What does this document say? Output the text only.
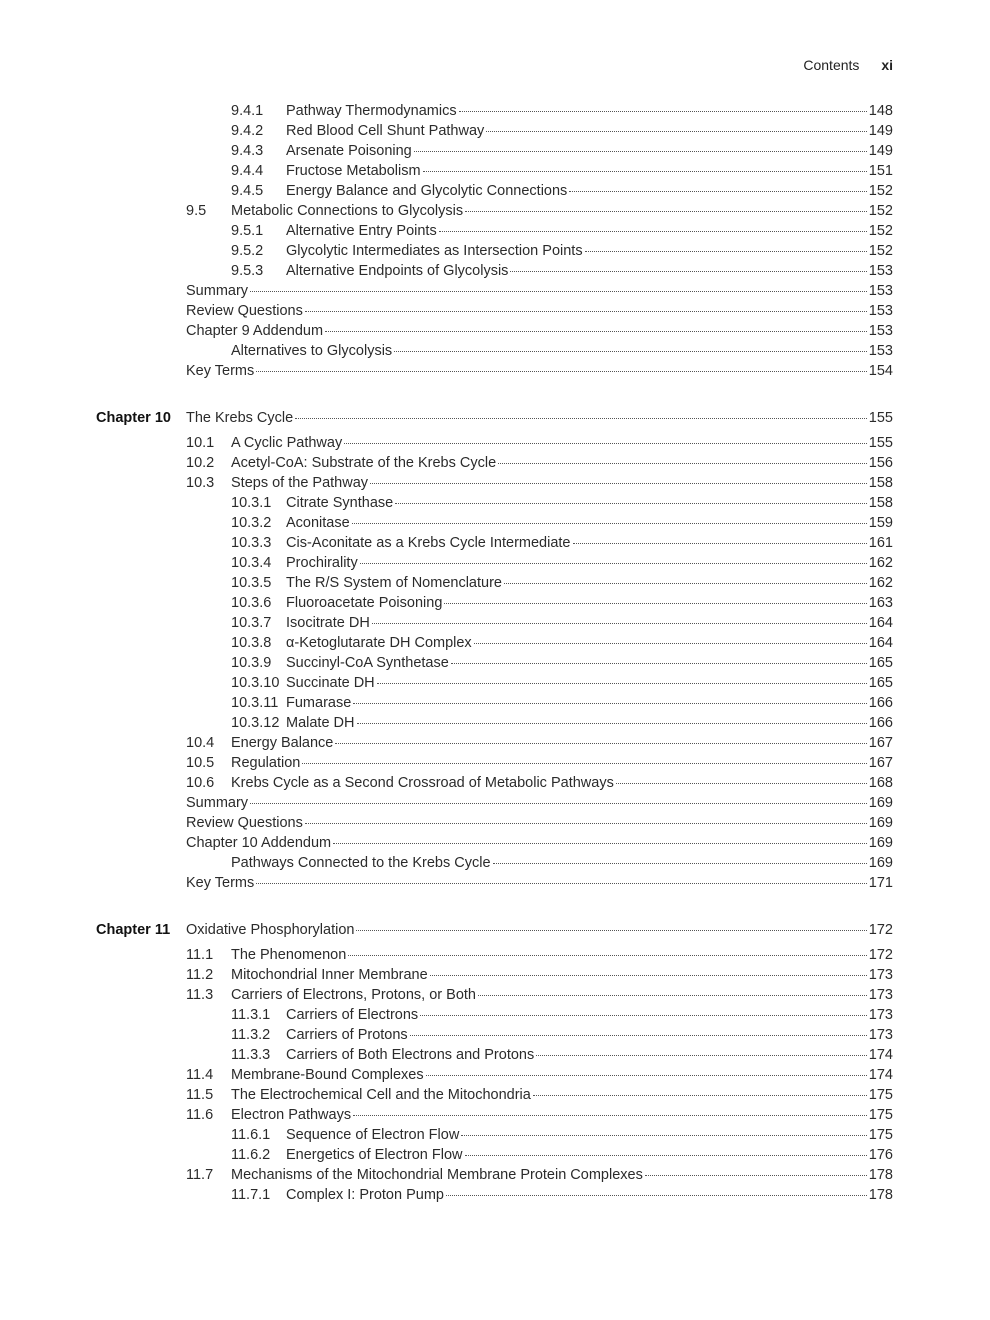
Contents xi
9.4.1	Pathway Thermodynamics	148
9.4.2	Red Blood Cell Shunt Pathway	149
9.4.3	Arsenate Poisoning	149
9.4.4	Fructose Metabolism	151
9.4.5	Energy Balance and Glycolytic Connections	152
9.5	Metabolic Connections to Glycolysis	152
9.5.1	Alternative Entry Points	152
9.5.2	Glycolytic Intermediates as Intersection Points	152
9.5.3	Alternative Endpoints of Glycolysis	153
Summary	153
Review Questions	153
Chapter 9 Addendum	153
Alternatives to Glycolysis	153
Key Terms	154
Chapter 10 The Krebs Cycle	155
10.1	A Cyclic Pathway	155
10.2	Acetyl-CoA: Substrate of the Krebs Cycle	156
10.3	Steps of the Pathway	158
10.3.1	Citrate Synthase	158
10.3.2	Aconitase	159
10.3.3	Cis-Aconitate as a Krebs Cycle Intermediate	161
10.3.4	Prochirality	162
10.3.5	The R/S System of Nomenclature	162
10.3.6	Fluoroacetate Poisoning	163
10.3.7	Isocitrate DH	164
10.3.8	α-Ketoglutarate DH Complex	164
10.3.9	Succinyl-CoA Synthetase	165
10.3.10 Succinate DH	165
10.3.11 Fumarase	166
10.3.12 Malate DH	166
10.4	Energy Balance	167
10.5	Regulation	167
10.6	Krebs Cycle as a Second Crossroad of Metabolic Pathways	168
Summary	169
Review Questions	169
Chapter 10 Addendum	169
Pathways Connected to the Krebs Cycle	169
Key Terms	171
Chapter 11 Oxidative Phosphorylation	172
11.1	The Phenomenon	172
11.2	Mitochondrial Inner Membrane	173
11.3	Carriers of Electrons, Protons, or Both	173
11.3.1	Carriers of Electrons	173
11.3.2	Carriers of Protons	173
11.3.3	Carriers of Both Electrons and Protons	174
11.4	Membrane-Bound Complexes	174
11.5	The Electrochemical Cell and the Mitochondria	175
11.6	Electron Pathways	175
11.6.1	Sequence of Electron Flow	175
11.6.2	Energetics of Electron Flow	176
11.7	Mechanisms of the Mitochondrial Membrane Protein Complexes	178
11.7.1	Complex I: Proton Pump	178
